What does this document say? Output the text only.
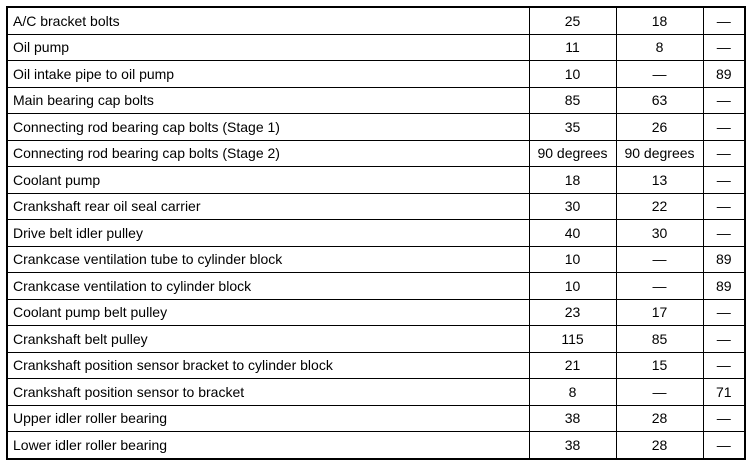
A/C bracket bolts	25	18	—
Oil pump	11	8	—
Oil intake pipe to oil pump	10	—	89
Main bearing cap bolts	85	63	—
Connecting rod bearing cap bolts (Stage 1)	35	26	—
Connecting rod bearing cap bolts (Stage 2)	90 degrees	90 degrees	—
Coolant pump	18	13	—
Crankshaft rear oil seal carrier	30	22	—
Drive belt idler pulley	40	30	—
Crankcase ventilation tube to cylinder block	10	—	89
Crankcase ventilation to cylinder block	10	—	89
Coolant pump belt pulley	23	17	—
Crankshaft belt pulley	115	85	—
Crankshaft position sensor bracket to cylinder block	21	15	—
Crankshaft position sensor to bracket	8	—	71
Upper idler roller bearing	38	28	—
Lower idler roller bearing	38	28	—
